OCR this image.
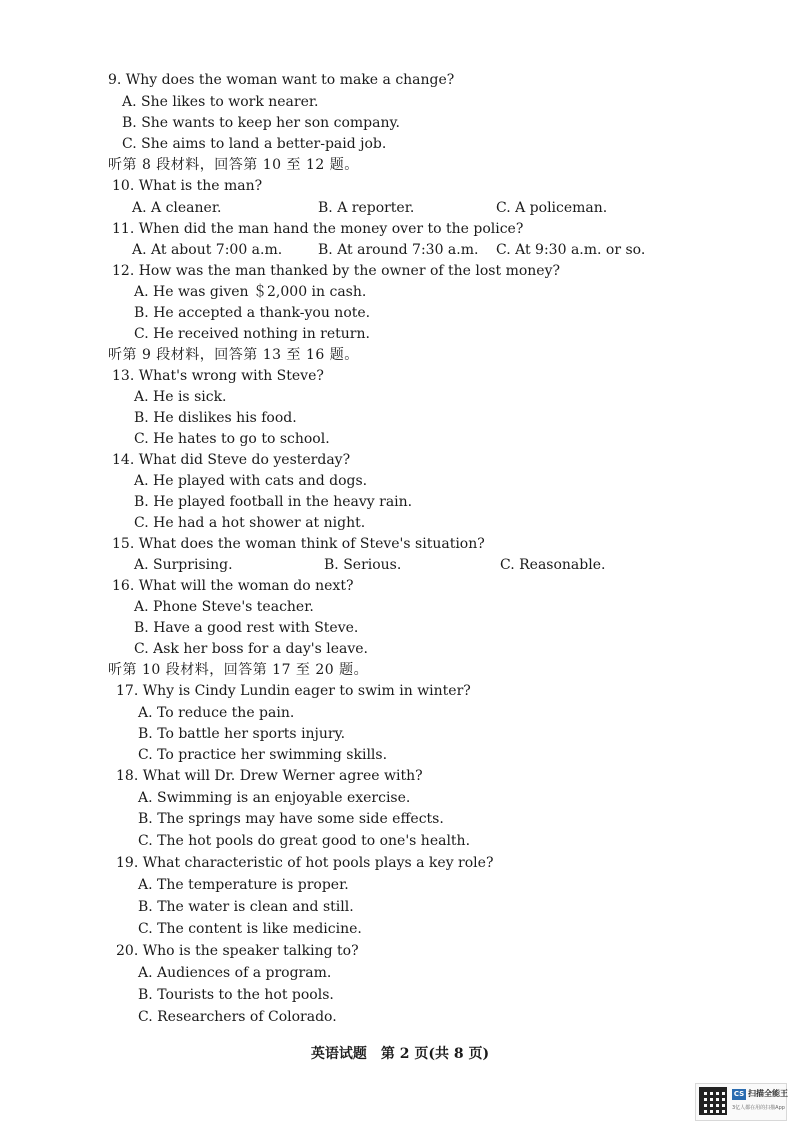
9. Why does the woman want to make a change?
A. She likes to work nearer.
B. She wants to keep her son company.
C. She aims to land a better-paid job.
听第 8 段材料，回答第 10 至 12 题。
10. What is the man?
A. A cleaner.	B. A reporter.	C. A policeman.
11. When did the man hand the money over to the police?
A. At about 7:00 a.m.	B. At around 7:30 a.m. C. At 9:30 a.m. or so.
12. How was the man thanked by the owner of the lost money?
A. He was given ＄2,000 in cash.
B. He accepted a thank-you note.
C. He received nothing in return.
听第 9 段材料，回答第 13 至 16 题。
13. What's wrong with Steve?
A. He is sick.
B. He dislikes his food.
C. He hates to go to school.
14. What did Steve do yesterday?
A. He played with cats and dogs.
B. He played football in the heavy rain.
C. He had a hot shower at night.
15. What does the woman think of Steve's situation?
A. Surprising.	B. Serious.	C. Reasonable.
16. What will the woman do next?
A. Phone Steve's teacher.
B. Have a good rest with Steve.
C. Ask her boss for a day's leave.
听第 10 段材料，回答第 17 至 20 题。
17. Why is Cindy Lundin eager to swim in winter?
A. To reduce the pain.
B. To battle her sports injury.
C. To practice her swimming skills.
18. What will Dr. Drew Werner agree with?
A. Swimming is an enjoyable exercise.
B. The springs may have some side effects.
C. The hot pools do great good to one's health.
19. What characteristic of hot pools plays a key role?
A. The temperature is proper.
B. The water is clean and still.
C. The content is like medicine.
20. Who is the speaker talking to?
A. Audiences of a program.
B. Tourists to the hot pools.
C. Researchers of Colorado.
英语试题　第 2 页(共 8 页)
CS 扫描全能王
3亿人都在用的扫描App
